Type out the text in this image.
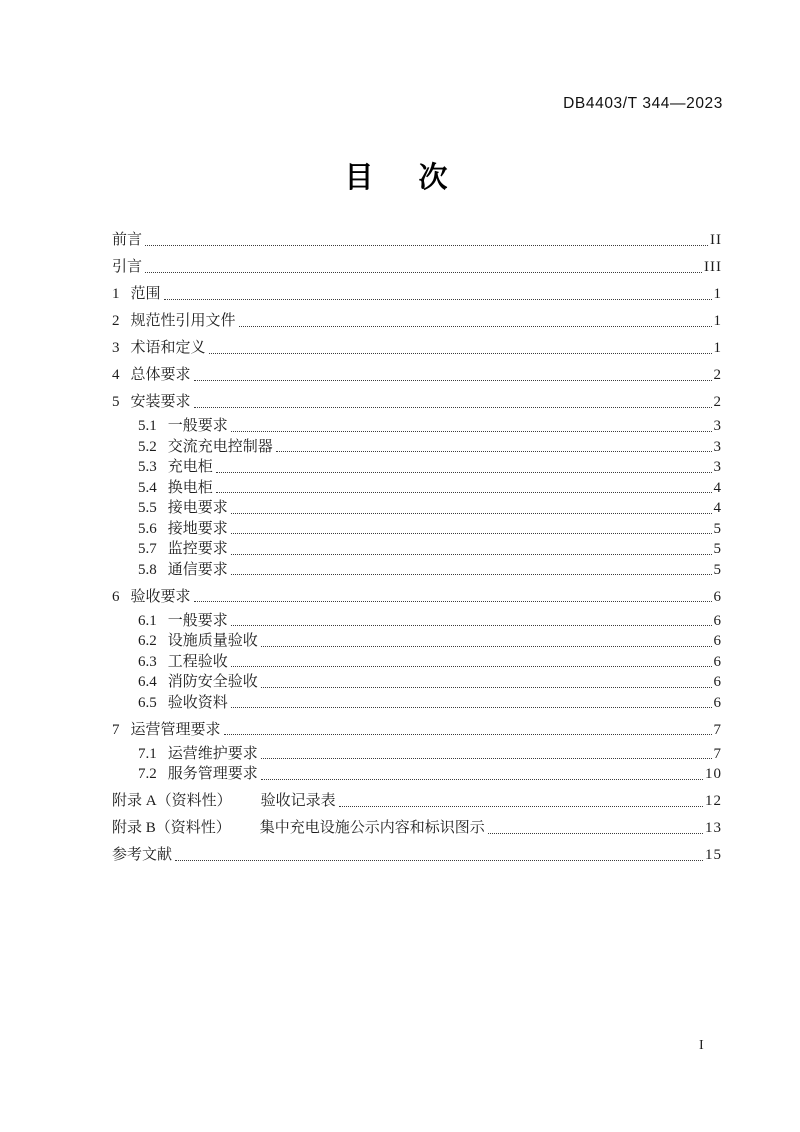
DB4403/T 344—2023
目　次
前言	II
引言	III
1 范围	1
2 规范性引用文件	1
3 术语和定义	1
4 总体要求	2
5 安装要求	2
5.1 一般要求	3
5.2 交流充电控制器	3
5.3 充电柜	3
5.4 换电柜	4
5.5 接电要求	4
5.6 接地要求	5
5.7 监控要求	5
5.8 通信要求	5
6 验收要求	6
6.1 一般要求	6
6.2 设施质量验收	6
6.3 工程验收	6
6.4 消防安全验收	6
6.5 验收资料	6
7 运营管理要求	7
7.1 运营维护要求	7
7.2 服务管理要求	10
附录 A（资料性） 验收记录表	12
附录 B（资料性） 集中充电设施公示内容和标识图示	13
参考文献	15
I
